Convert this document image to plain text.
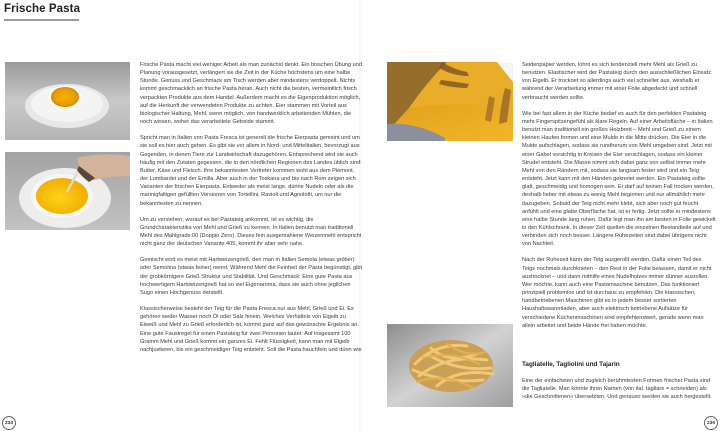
Frische Pasta

Frische Pasta macht viel weniger Arbeit als man zunächst denkt. Ein bisschen Übung und Planung vorausgesetzt, verlängert sie die Zeit in der Küche höchstens um eine halbe Stunde. Genuss und Geschmack am Tisch werden aber mindestens verdoppelt. Nichts kommt geschmacklich an frische Pasta heran. Auch nicht die besten, vermeintlich frisch verpackten Produkte aus dem Handel. Außerdem macht es die Eigenproduktion möglich, auf die Herkunft der verwendeten Produkte zu achten. Eier stammen mit Vorteil aus biologischer Haltung, Mehl, wenn möglich, von handwerklich arbeitenden Mühlen, die noch wissen, woher das verarbeitete Getreide stammt.

Spricht man in Italien von Pasta Fresca ist generell die frische Eierpasta gemeint und um sie soll es hier auch gehen. Es gibt sie vor allem in Nord- und Mittelitalien, bevorzugt aus Gegenden, in denen Tiere zur Landwirtschaft dazugehören. Entsprechend wird sie auch häufig mit den Zutaten gegessen, die in den nördlichen Regionen des Landes üblich sind: Butter, Käse und Fleisch. Ihre bekanntesten Vertreter kommen wohl aus dem Piemont, der Lombardei und der Emilia. Aber auch in der Toskana und bis nach Rom zeigen sich Varianten der frischen Eierpasta. Entweder als meist lange, dünne Nudeln oder als die mannigfaltigen gefüllten Versionen von Tortellini, Ravioli und Agnolotti, um nur die bekanntesten zu nennen.

Um zu verstehen, worauf es bei Pastateig ankommt, ist es wichtig, die Grundcharakteristika von Mehl und Grieß zu kennen. In Italien benutzt man traditionell Mehl des Mahlgrads 00 (Doppio Zero). Dieses fein ausgemahlene Weizenmehl entspricht nicht ganz der deutschen Variante 405, kommt ihr aber sehr nahe.

Gemischt wird es meist mit Hartweizengrieß, den man in Italien Semola (etwas gröber) oder Semolina (etwas feiner) nennt. Während Mehl die Feinheit der Pasta begünstigt, gibt der grobkörnigere Grieß Struktur und Stabilität. Und Geschmack: Eine gute Pasta aus hochwertigem Hartweizengrieß hat so viel Eigenaroma, dass sie auch ohne jeglichen Sugo einen Hochgenuss darstellt.

Klassischerweise besteht der Teig für die Pasta Fresca nur aus Mehl, Grieß und Ei. Es gehören weder Wasser noch Öl oder Salz hinein. Welches Verhältnis von Eigelb zu Eiweiß und Mehl zu Grieß erforderlich ist, kommt ganz auf das gewünschte Ergebnis an. Eine gute Faustregel für einen Pastateig für zwei Personen lautet: Auf insgesamt 100 Gramm Mehl und Grieß kommt ein ganzes Ei. Fehlt Flüssigkeit, kann man mit Eigelb nachjustieren, bis ein geschmeidiger Teig entsteht. Soll die Pasta hauchfein und dünn wie

234

Seidenpapier werden, lohnt es sich tendenziell mehr Mehl als Grieß zu benutzen. Elastischer wird der Pastateig durch den ausschließlichen Einsatz von Eigelb. Er trocknet so allerdings auch viel schneller aus, weshalb er während der Verarbeitung immer mit einer Folie abgedeckt und schnell verbraucht werden sollte.

Wie bei fast allem in der Küche bedarf es auch für den perfekten Pastateig mehr Fingerspitzengefühl als klare Regeln. Auf einer Arbeitsfläche – in Italien benutzt man traditionell ein großes Holzbrett – Mehl und Grieß zu einem kleinen Haufen formen und eine Mulde in die Mitte drücken. Die Eier in die Mulde aufschlagen, sodass sie rundherum von Mehl umgeben sind. Jetzt mit einer Gabel vorsichtig in Kreisen die Eier verschlagen, sodass ein kleiner Strudel entsteht. Die Masse nimmt sich dabei ganz von selbst immer mehr Mehl von den Rändern mit, sodass sie langsam fester wird und ein Teig entsteht. Jetzt kann mit den Händen geknetet werden. Ein Pastateig sollte glatt, geschmeidig und homogen sein. Er darf auf keinen Fall trocken werden, deshalb lieber mit etwas zu wenig Mehl beginnen und nur allmählich mehr dazugeben. Sobald der Teig nicht mehr klebt, sich aber noch gut feucht anfühlt und eine glatte Oberfläche hat, ist er fertig. Jetzt sollte er mindestens eine halbe Stunde lang ruhen. Dafür legt man ihn am besten in Folie gewickelt in den Kühlschrank. In dieser Zeit quellen die einzelnen Bestandteile auf und verbinden sich noch besser. Längere Ruhezeiten sind dabei übrigens nicht von Nachteil.

Nach der Ruhezeit kann der Teig ausgerollt werden. Dafür einen Teil des Teigs nochmals durchkneten – den Rest in der Folie belassen, damit er nicht austrocknet – und dann mithilfe eines Nudelholzes immer dünner ausrollen. Wer möchte, kann auch eine Pastamaschine benutzen. Das funktioniert prinzipiell problemlos und ist durchaus zu empfehlen. Die klassischen, handbetriebenen Maschinen gibt es in jedem besser sortierten Haushaltswarenladen, aber auch elektrisch betriebene Aufsätze für verschiedene Küchenmaschinen sind empfehlenswert, gerade wenn man allein arbeitet und beide Hände frei haben möchte.

Tagliatelle, Tagliolini und Tajarin

Eine der einfachsten und zugleich berühmtesten Formen frischer Pasta sind die Tagliatelle. Man könnte ihren Namen (von ital. tagliare = schneiden) als »die Geschnittenen« übersetzten. Und genauso werden sie auch hergestellt.

235
